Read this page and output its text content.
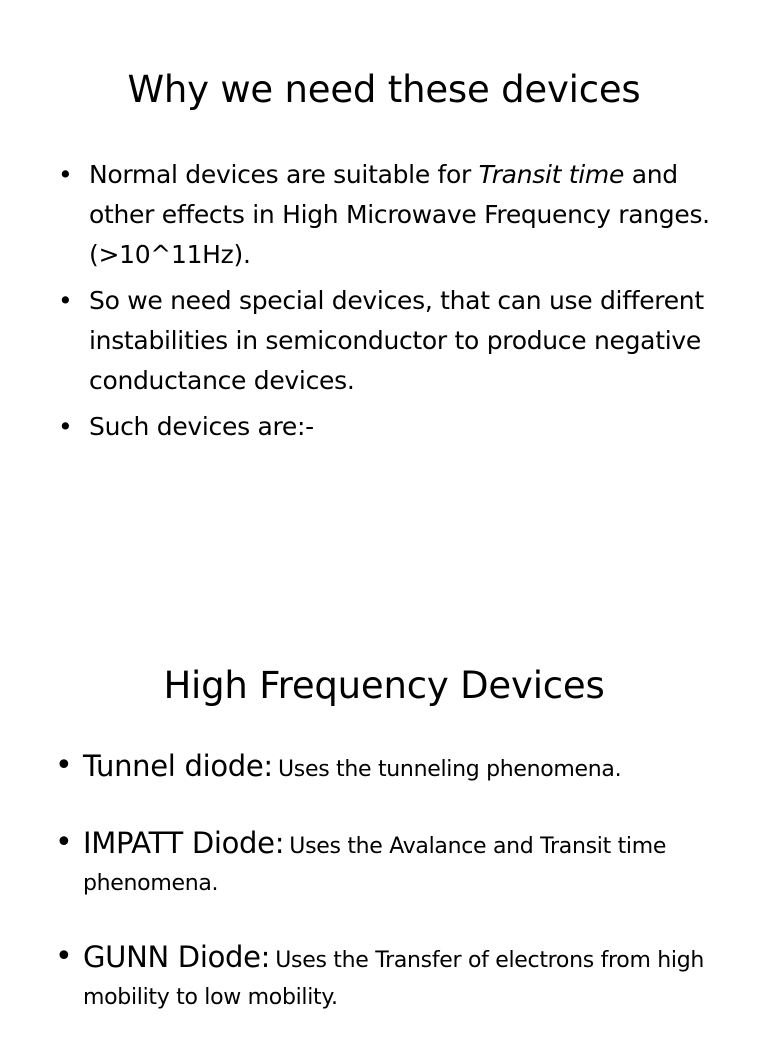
Why we need these devices
• Normal devices are suitable for Transit time and other effects in High Microwave Frequency ranges. (>10^11Hz).
• So we need special devices, that can use different instabilities in semiconductor to produce negative conductance devices.
• Such devices are:-
High Frequency Devices
• Tunnel diode: Uses the tunneling phenomena.
• IMPATT Diode: Uses the Avalance and Transit time phenomena.
• GUNN Diode: Uses the Transfer of electrons from high mobility to low mobility.
